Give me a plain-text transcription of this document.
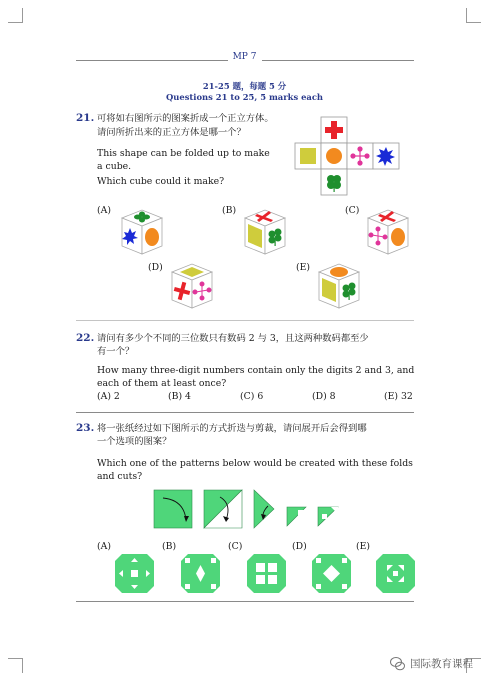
MP 7
21-25 题，每题 5 分
Questions 21 to 25, 5 marks each
21. 可将如右图所示的图案折成一个正立方体。
请问所折出来的正立方体是哪一个？
This shape can be folded up to make
a cube.
Which cube could it make?
(A)	(B)	(C)
(D)	(E)
22. 请问有多少个不同的三位数只有数码 2 与 3，且这两种数码都至少
有一个？
How many three-digit numbers contain only the digits 2 and 3, and
each of them at least once?
(A) 2	(B) 4	(C) 6	(D) 8	(E) 32
23. 将一张纸经过如下图所示的方式折迭与剪裁，请问展开后会得到哪
一个选项的图案？
Which one of the patterns below would be created with these folds
and cuts?
(A)	(B)	(C)	(D)	(E)
国际教育课程
